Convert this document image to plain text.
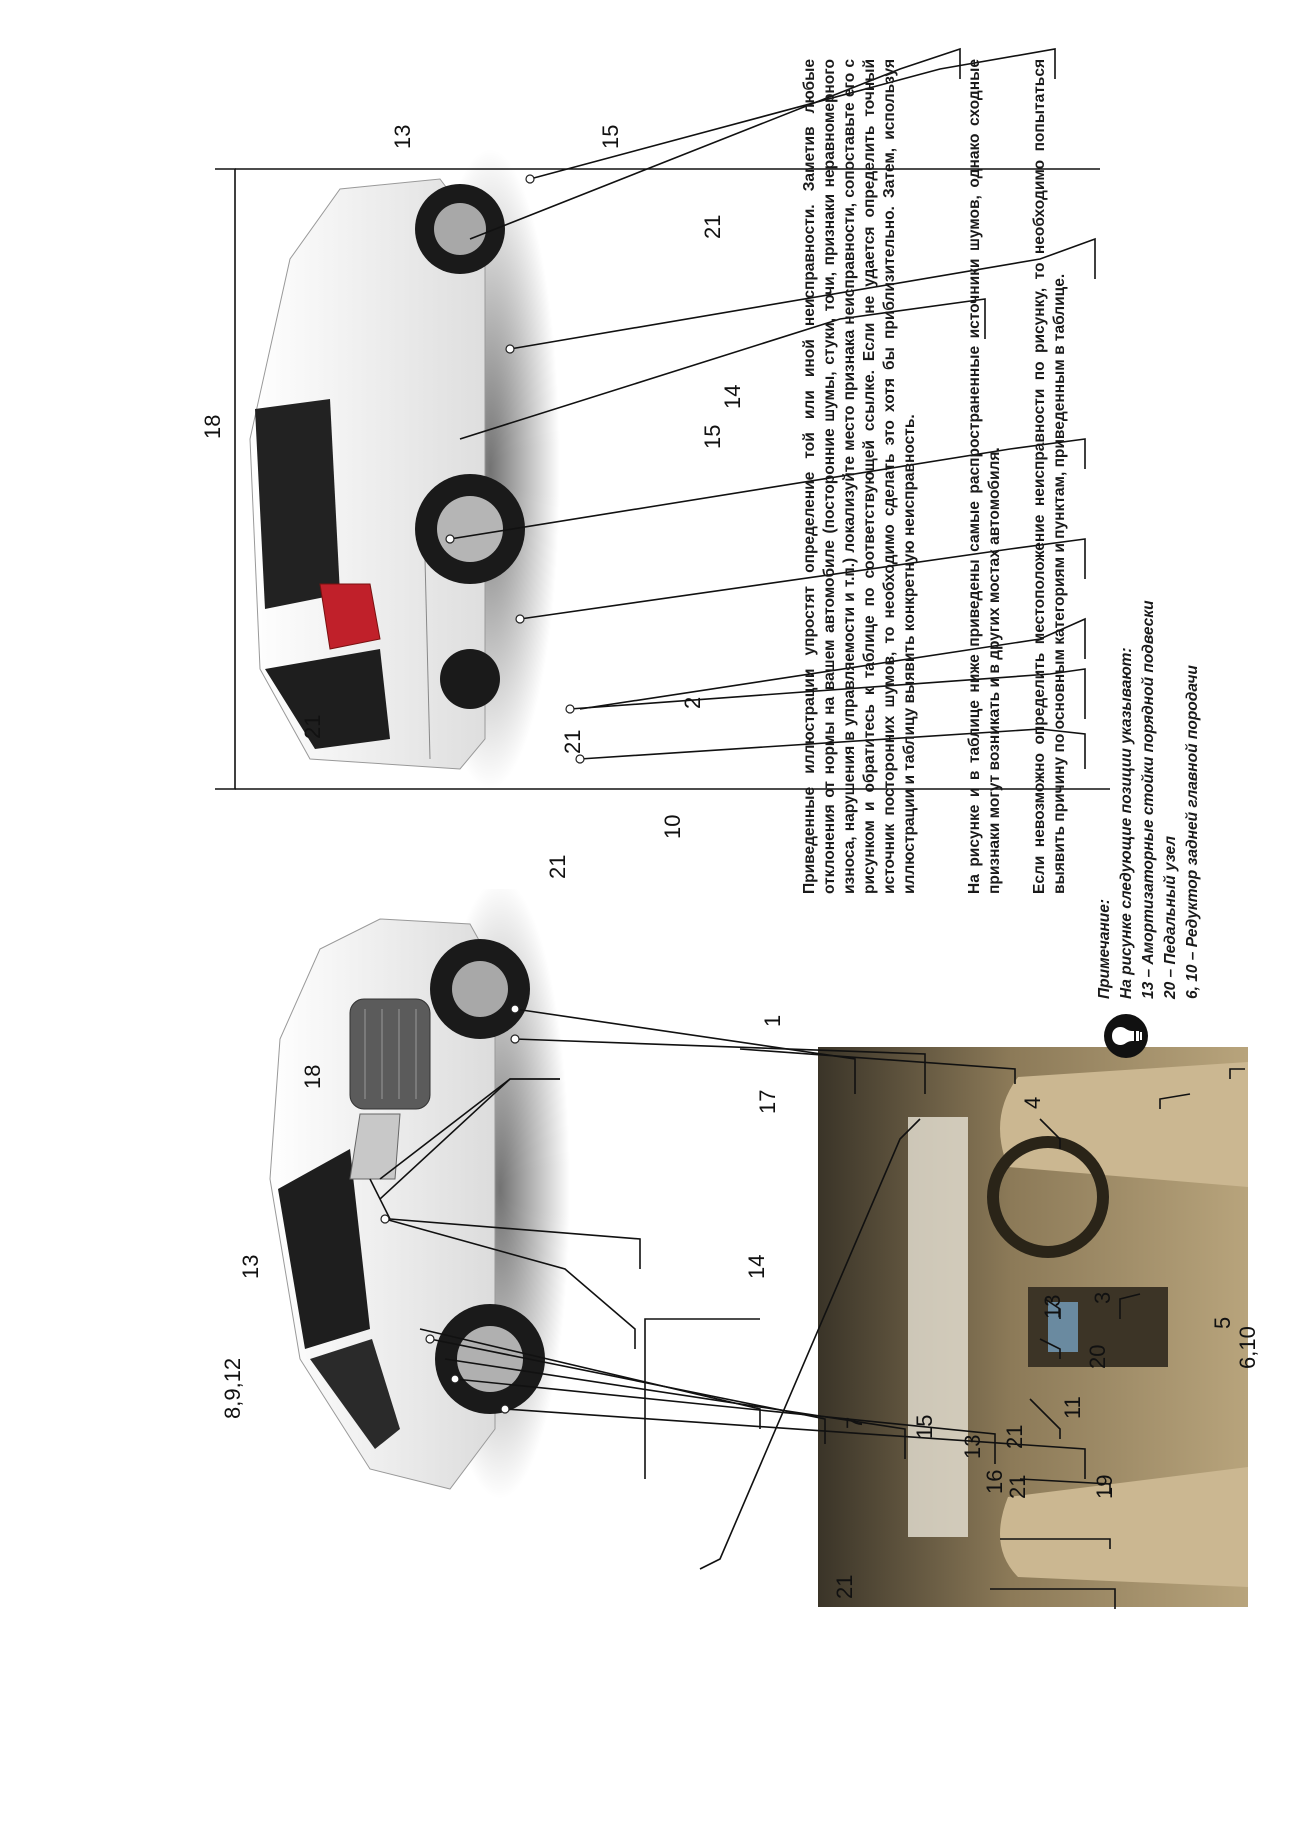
19
21
21
15
7
8,9,12
13	14
17
1
18
21
10
21
21
2
18	15
14
21
13	15
21
13
16
11
20
3
13
4
5
6,10
Приведенные иллюстрации упростят определение той или иной неисправности. Заметив любые отклонения от нормы на вашем автомобиле (посторонние шумы, стуки, точи, признаки неравномерного износа, нарушения в управляемости и т.п.) локализуйте место признака неисправности, сопоставьте его с рисунком и обратитесь к таблице по соответствующей ссылке. Если не удается определить точный источник посторонних шумов, то необходимо сделать это хотя бы приблизительно. Затем, используя иллюстрации и таблицу выявить конкретную неисправность.	На рисунке и в таблице ниже приведены самые распространенные источники шумов, однако сходные признаки могут возникать и в других мостах автомобиля.	Если невозможно определить местоположение неисправности по рисунку, то необходимо попытаться выявить причину по основным категориям и пунктам, приведенным в таблице.
Примечание: На рисунке следующие позиции указывают: 13 – Амортизаторные стойки порядной подвески 20 – Педальный узел 6, 10 – Редуктор задней главной породачи
